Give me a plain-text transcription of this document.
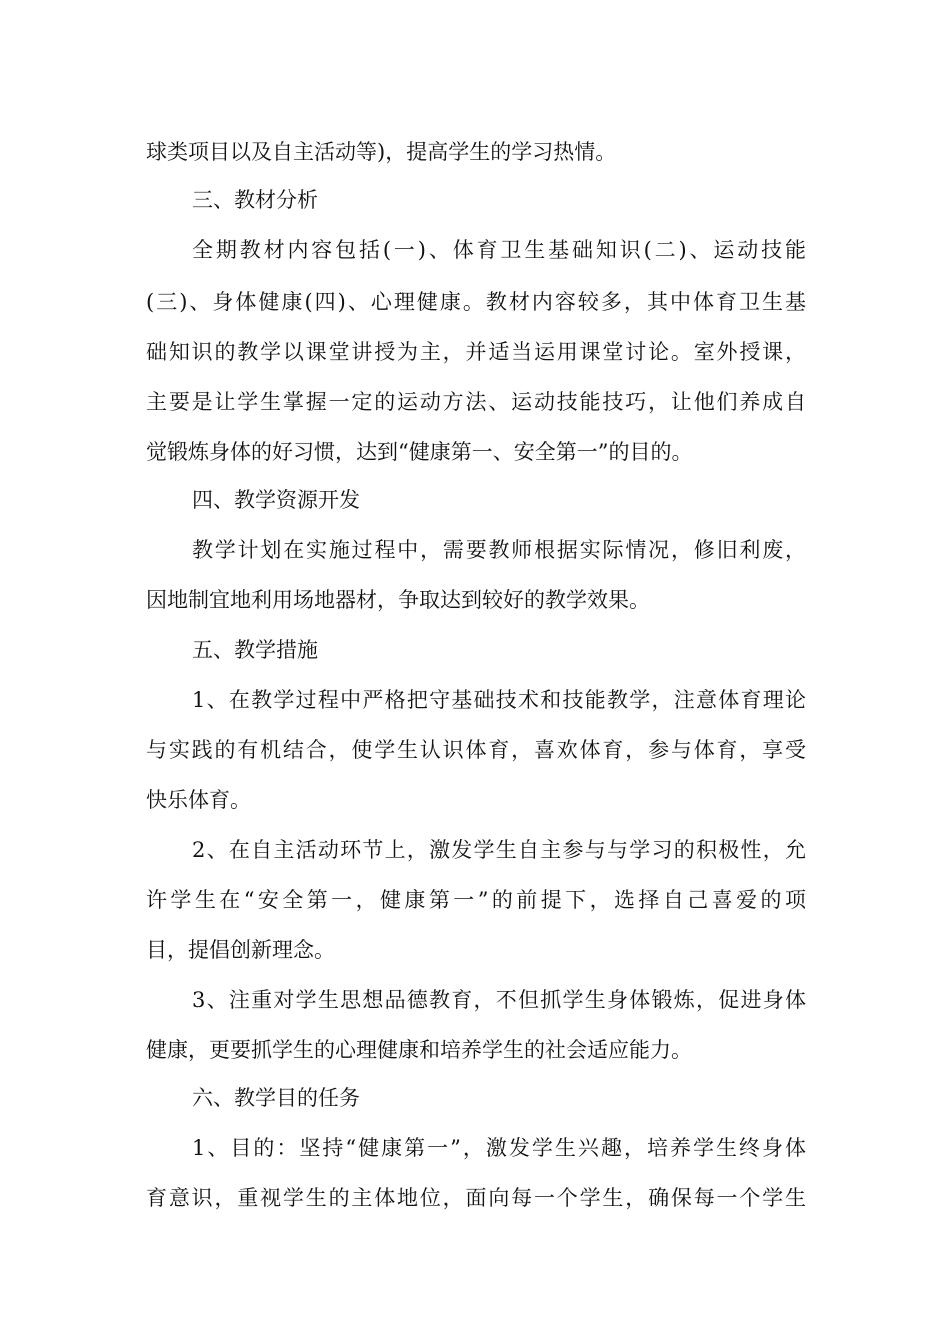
球类项目以及自主活动等)，提高学生的学习热情。
三、教材分析
全期教材内容包括(一)、体育卫生基础知识(二)、运动技能
(三)、身体健康(四)、心理健康。教材内容较多，其中体育卫生基
础知识的教学以课堂讲授为主，并适当运用课堂讨论。室外授课，
主要是让学生掌握一定的运动方法、运动技能技巧，让他们养成自
觉锻炼身体的好习惯，达到“健康第一、安全第一”的目的。
四、教学资源开发
教学计划在实施过程中，需要教师根据实际情况，修旧利废，
因地制宜地利用场地器材，争取达到较好的教学效果。
五、教学措施
1、在教学过程中严格把守基础技术和技能教学，注意体育理论
与实践的有机结合，使学生认识体育，喜欢体育，参与体育，享受
快乐体育。
2、在自主活动环节上，激发学生自主参与与学习的积极性，允
许学生在“安全第一，健康第一”的前提下，选择自己喜爱的项
目，提倡创新理念。
3、注重对学生思想品德教育，不但抓学生身体锻炼，促进身体
健康，更要抓学生的心理健康和培养学生的社会适应能力。
六、教学目的任务
1、目的：坚持“健康第一”，激发学生兴趣，培养学生终身体
育意识，重视学生的主体地位，面向每一个学生，确保每一个学生
